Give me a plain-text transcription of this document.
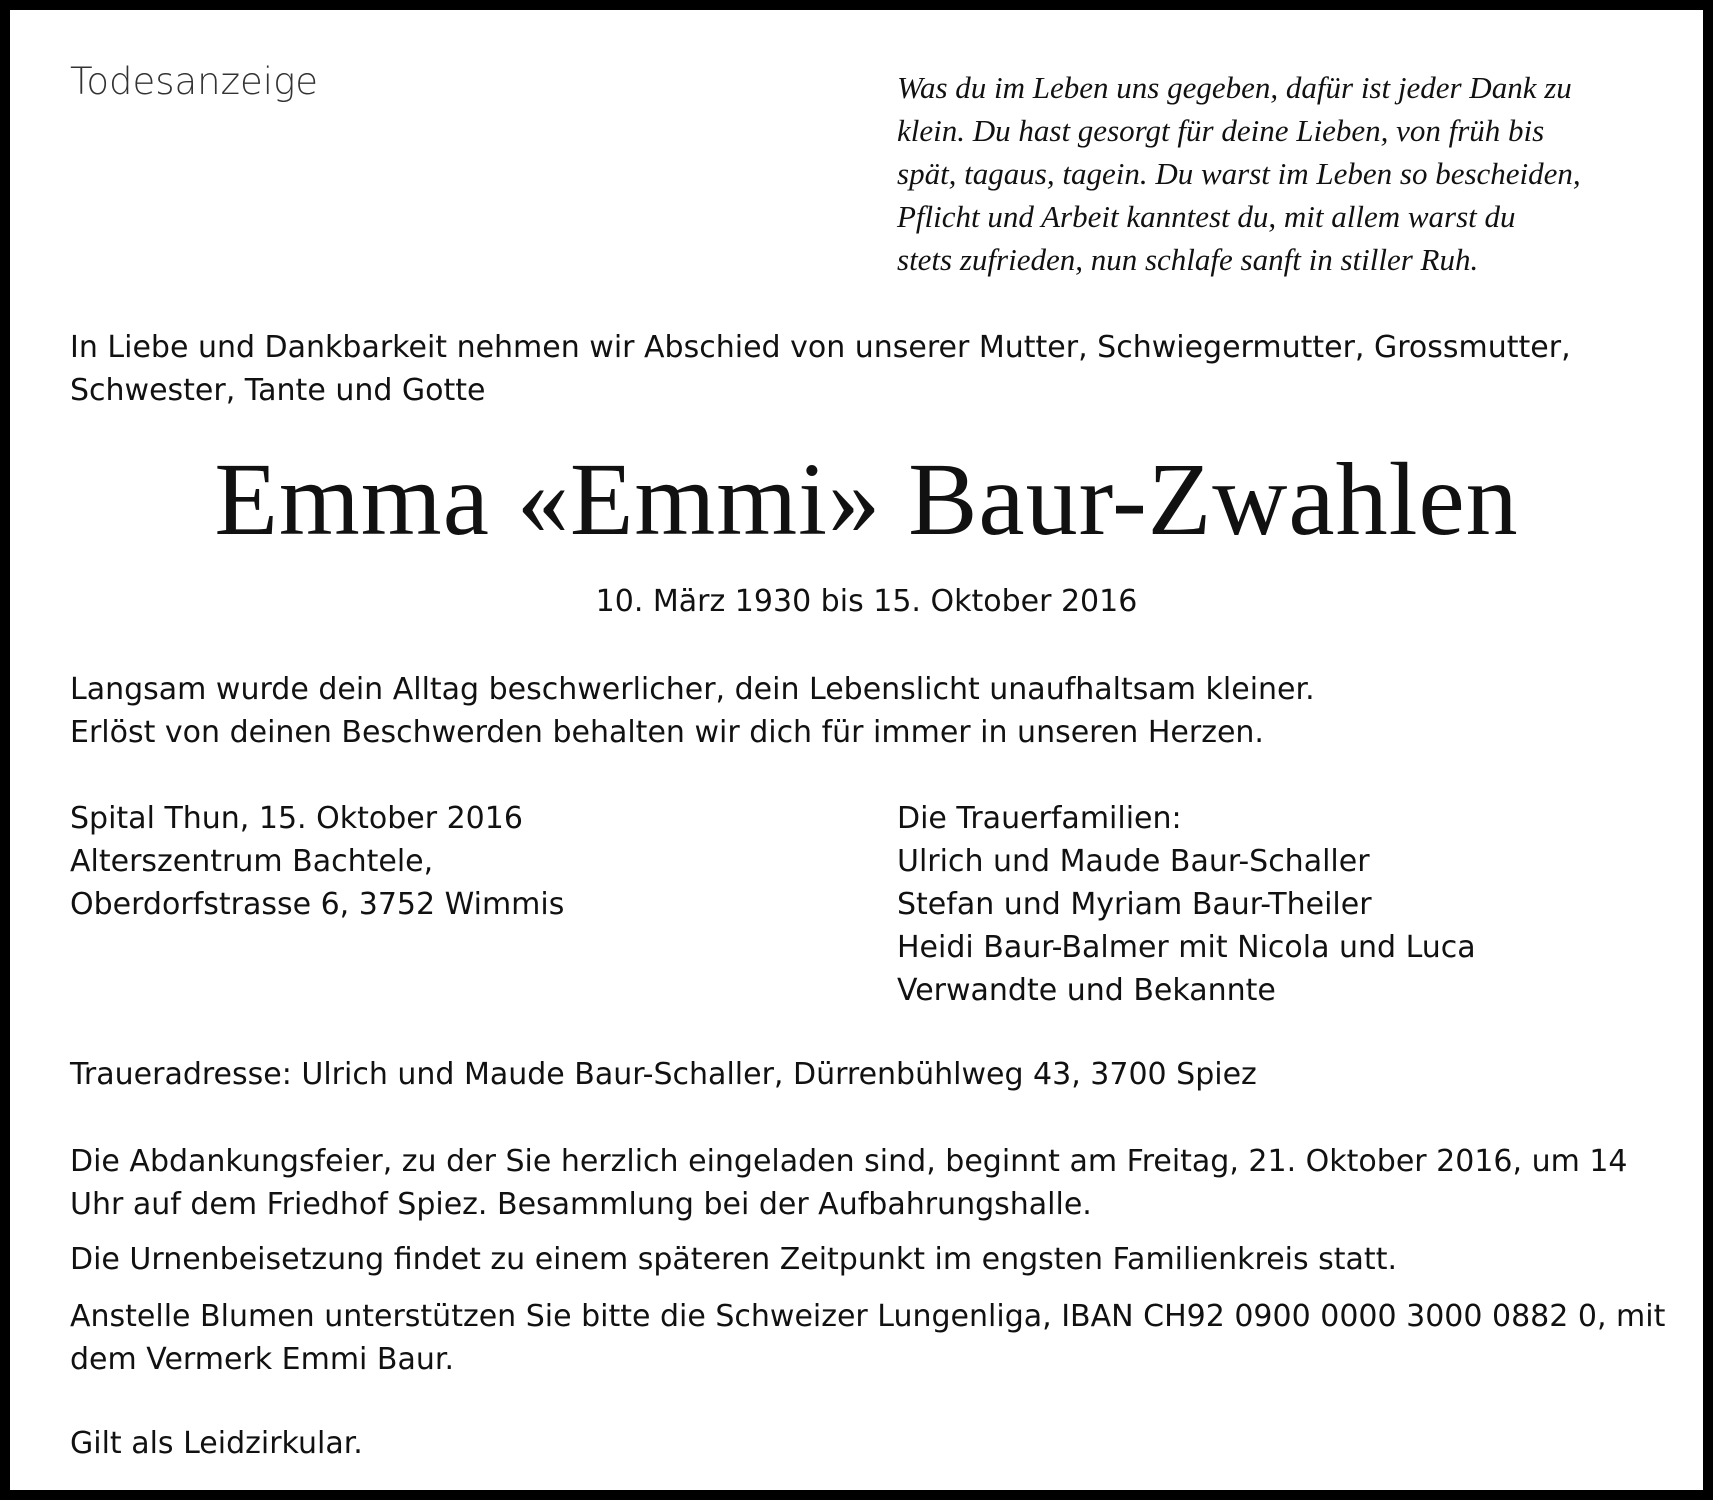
Todesanzeige	Was du im Leben uns gegeben, dafür ist jeder Dank zu
klein. Du hast gesorgt für deine Lieben, von früh bis
spät, tagaus, tagein. Du warst im Leben so bescheiden,
Pflicht und Arbeit kanntest du, mit allem warst du
stets zufrieden, nun schlafe sanft in stiller Ruh.
In Liebe und Dankbarkeit nehmen wir Abschied von unserer Mutter, Schwiegermutter, Grossmutter, Schwester, Tante und Gotte
Emma «Emmi» Baur-Zwahlen
10. März 1930 bis 15. Oktober 2016
Langsam wurde dein Alltag beschwerlicher, dein Lebenslicht unaufhaltsam kleiner.
Erlöst von deinen Beschwerden behalten wir dich für immer in unseren Herzen.
Spital Thun, 15. Oktober 2016
Alterszentrum Bachtele,
Oberdorfstrasse 6, 3752 Wimmis
Die Trauerfamilien:
Ulrich und Maude Baur-Schaller
Stefan und Myriam Baur-Theiler
Heidi Baur-Balmer mit Nicola und Luca
Verwandte und Bekannte
Traueradresse: Ulrich und Maude Baur-Schaller, Dürrenbühlweg 43, 3700 Spiez
Die Abdankungsfeier, zu der Sie herzlich eingeladen sind, beginnt am Freitag, 21. Oktober 2016, um 14 Uhr auf dem Friedhof Spiez. Besammlung bei der Aufbahrungshalle.
Die Urnenbeisetzung findet zu einem späteren Zeitpunkt im engsten Familienkreis statt.
Anstelle Blumen unterstützen Sie bitte die Schweizer Lungenliga, IBAN CH92 0900 0000 3000 0882 0, mit dem Vermerk Emmi Baur.
Gilt als Leidzirkular.
